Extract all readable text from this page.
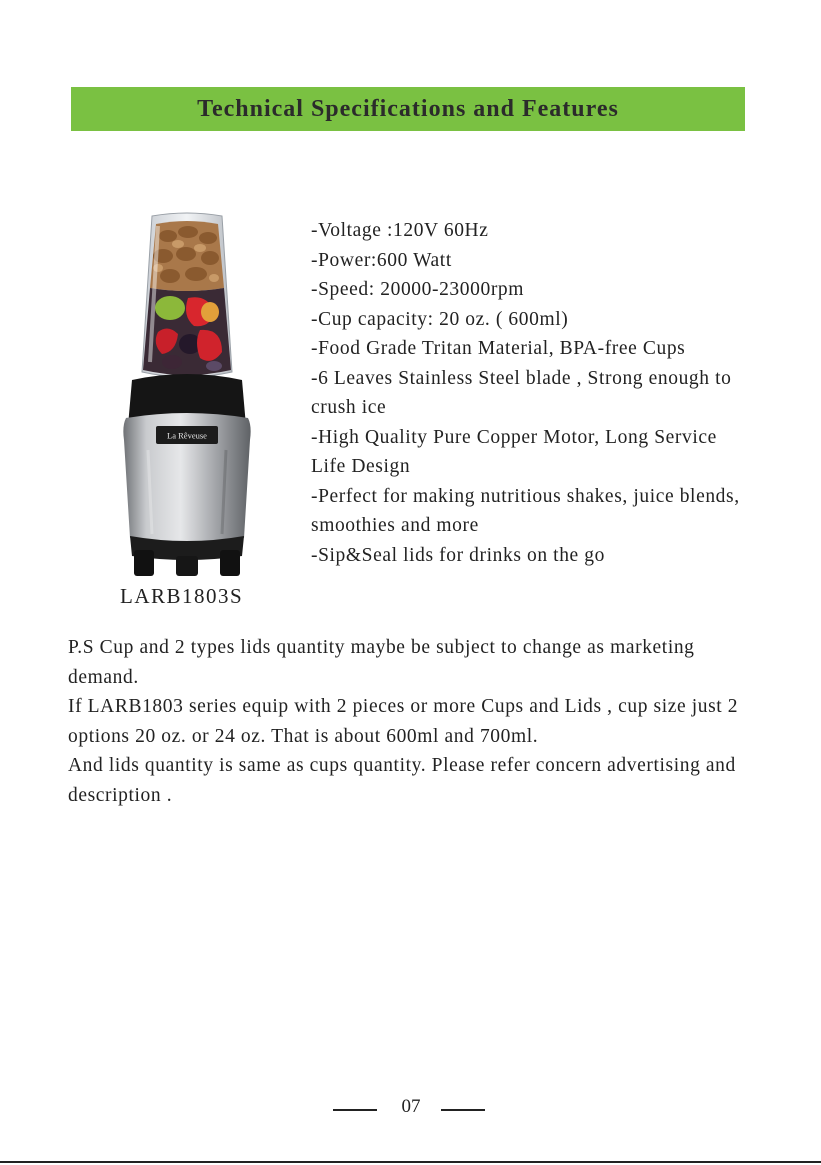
Technical Specifications and Features
La Rêveuse
LARB1803S
-Voltage :120V 60Hz
-Power:600 Watt
-Speed: 20000-23000rpm
-Cup capacity: 20 oz. ( 600ml)
-Food Grade Tritan Material, BPA-free Cups
-6 Leaves Stainless Steel blade , Strong enough to crush ice
-High Quality Pure Copper Motor, Long Service Life Design
-Perfect for making nutritious shakes, juice blends, smoothies and more
-Sip&Seal lids for drinks on the go

P.S Cup and 2 types lids quantity maybe be subject to change as marketing demand.

If LARB1803 series equip with 2 pieces or more Cups and Lids , cup size just 2 options 20 oz. or 24 oz. That is about 600ml and 700ml.

And lids quantity is same as cups quantity. Please refer concern advertising and description .

07
